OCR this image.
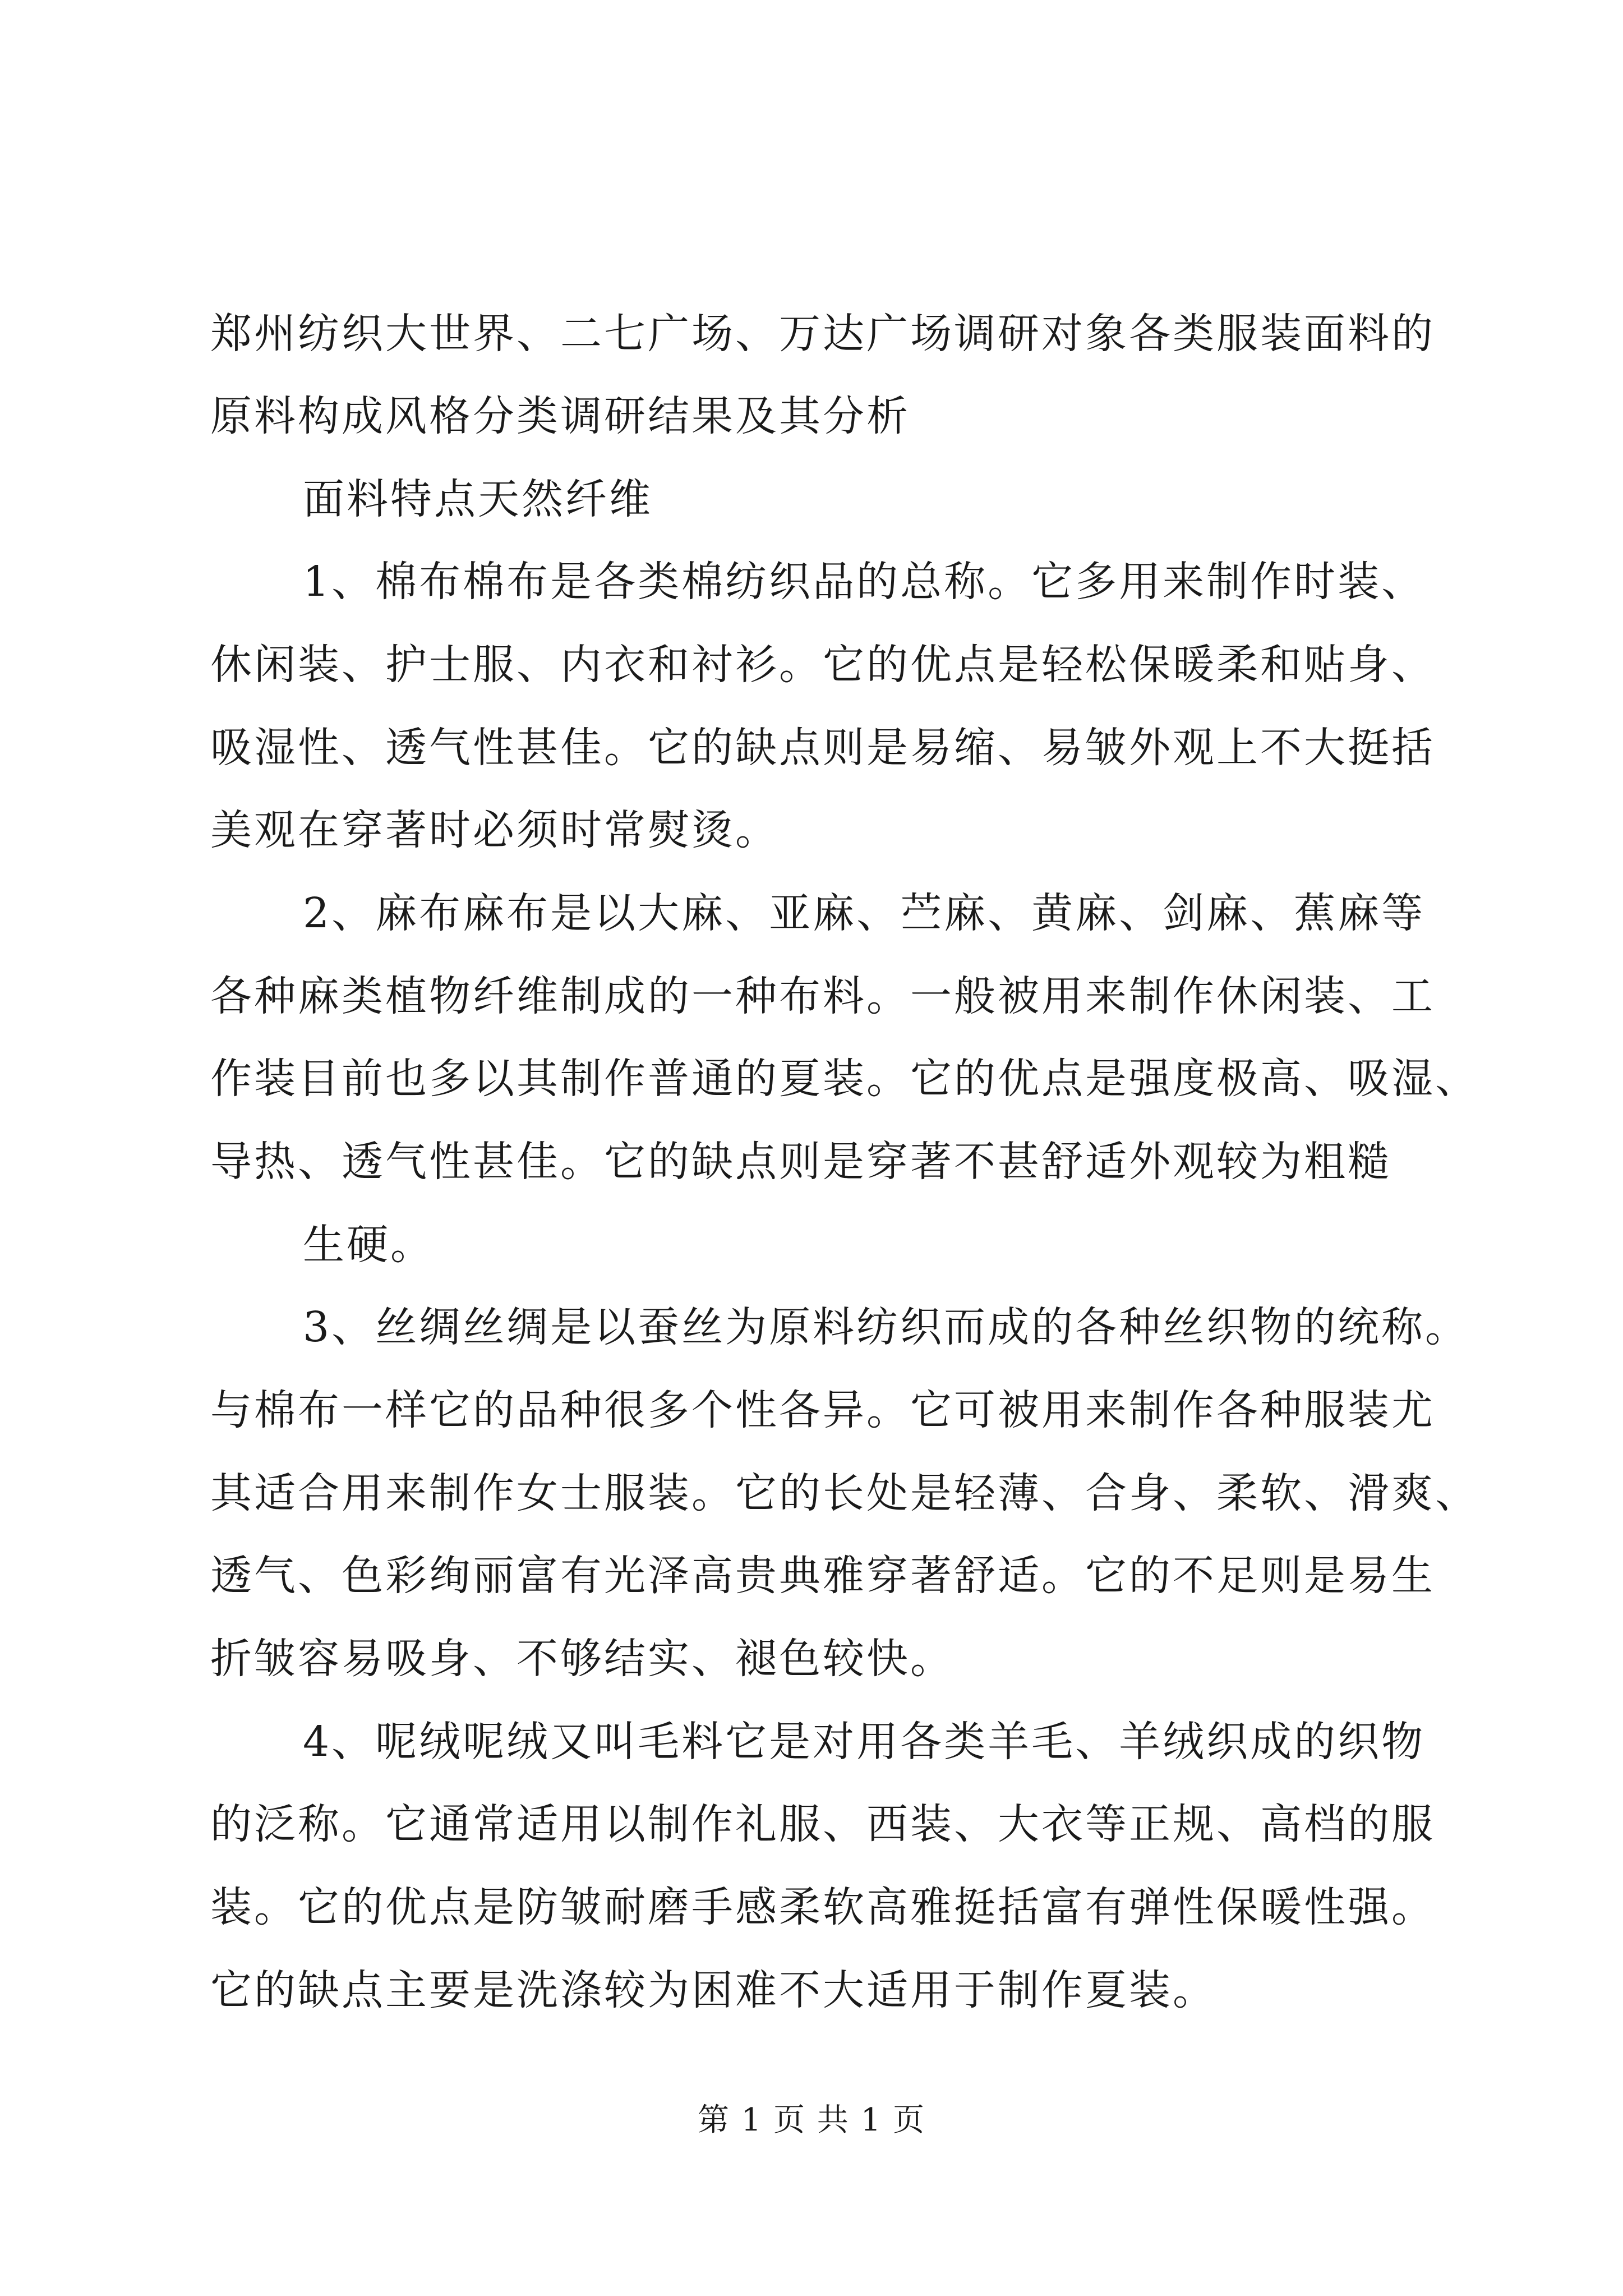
郑州纺织大世界、二七广场、万达广场调研对象各类服装面料的
原料构成风格分类调研结果及其分析
面料特点天然纤维
1、棉布棉布是各类棉纺织品的总称。它多用来制作时装、
休闲装、护士服、内衣和衬衫。它的优点是轻松保暖柔和贴身、
吸湿性、透气性甚佳。它的缺点则是易缩、易皱外观上不大挺括
美观在穿著时必须时常熨烫。
2、麻布麻布是以大麻、亚麻、苎麻、黄麻、剑麻、蕉麻等
各种麻类植物纤维制成的一种布料。一般被用来制作休闲装、工
作装目前也多以其制作普通的夏装。它的优点是强度极高、吸湿、
导热、透气性甚佳。它的缺点则是穿著不甚舒适外观较为粗糙
生硬。
3、丝绸丝绸是以蚕丝为原料纺织而成的各种丝织物的统称。
与棉布一样它的品种很多个性各异。它可被用来制作各种服装尤
其适合用来制作女士服装。它的长处是轻薄、合身、柔软、滑爽、
透气、色彩绚丽富有光泽高贵典雅穿著舒适。它的不足则是易生
折皱容易吸身、不够结实、褪色较快。
4、呢绒呢绒又叫毛料它是对用各类羊毛、羊绒织成的织物
的泛称。它通常适用以制作礼服、西装、大衣等正规、高档的服
装。它的优点是防皱耐磨手感柔软高雅挺括富有弹性保暖性强。
它的缺点主要是洗涤较为困难不大适用于制作夏装。
第 1 页 共 1 页
